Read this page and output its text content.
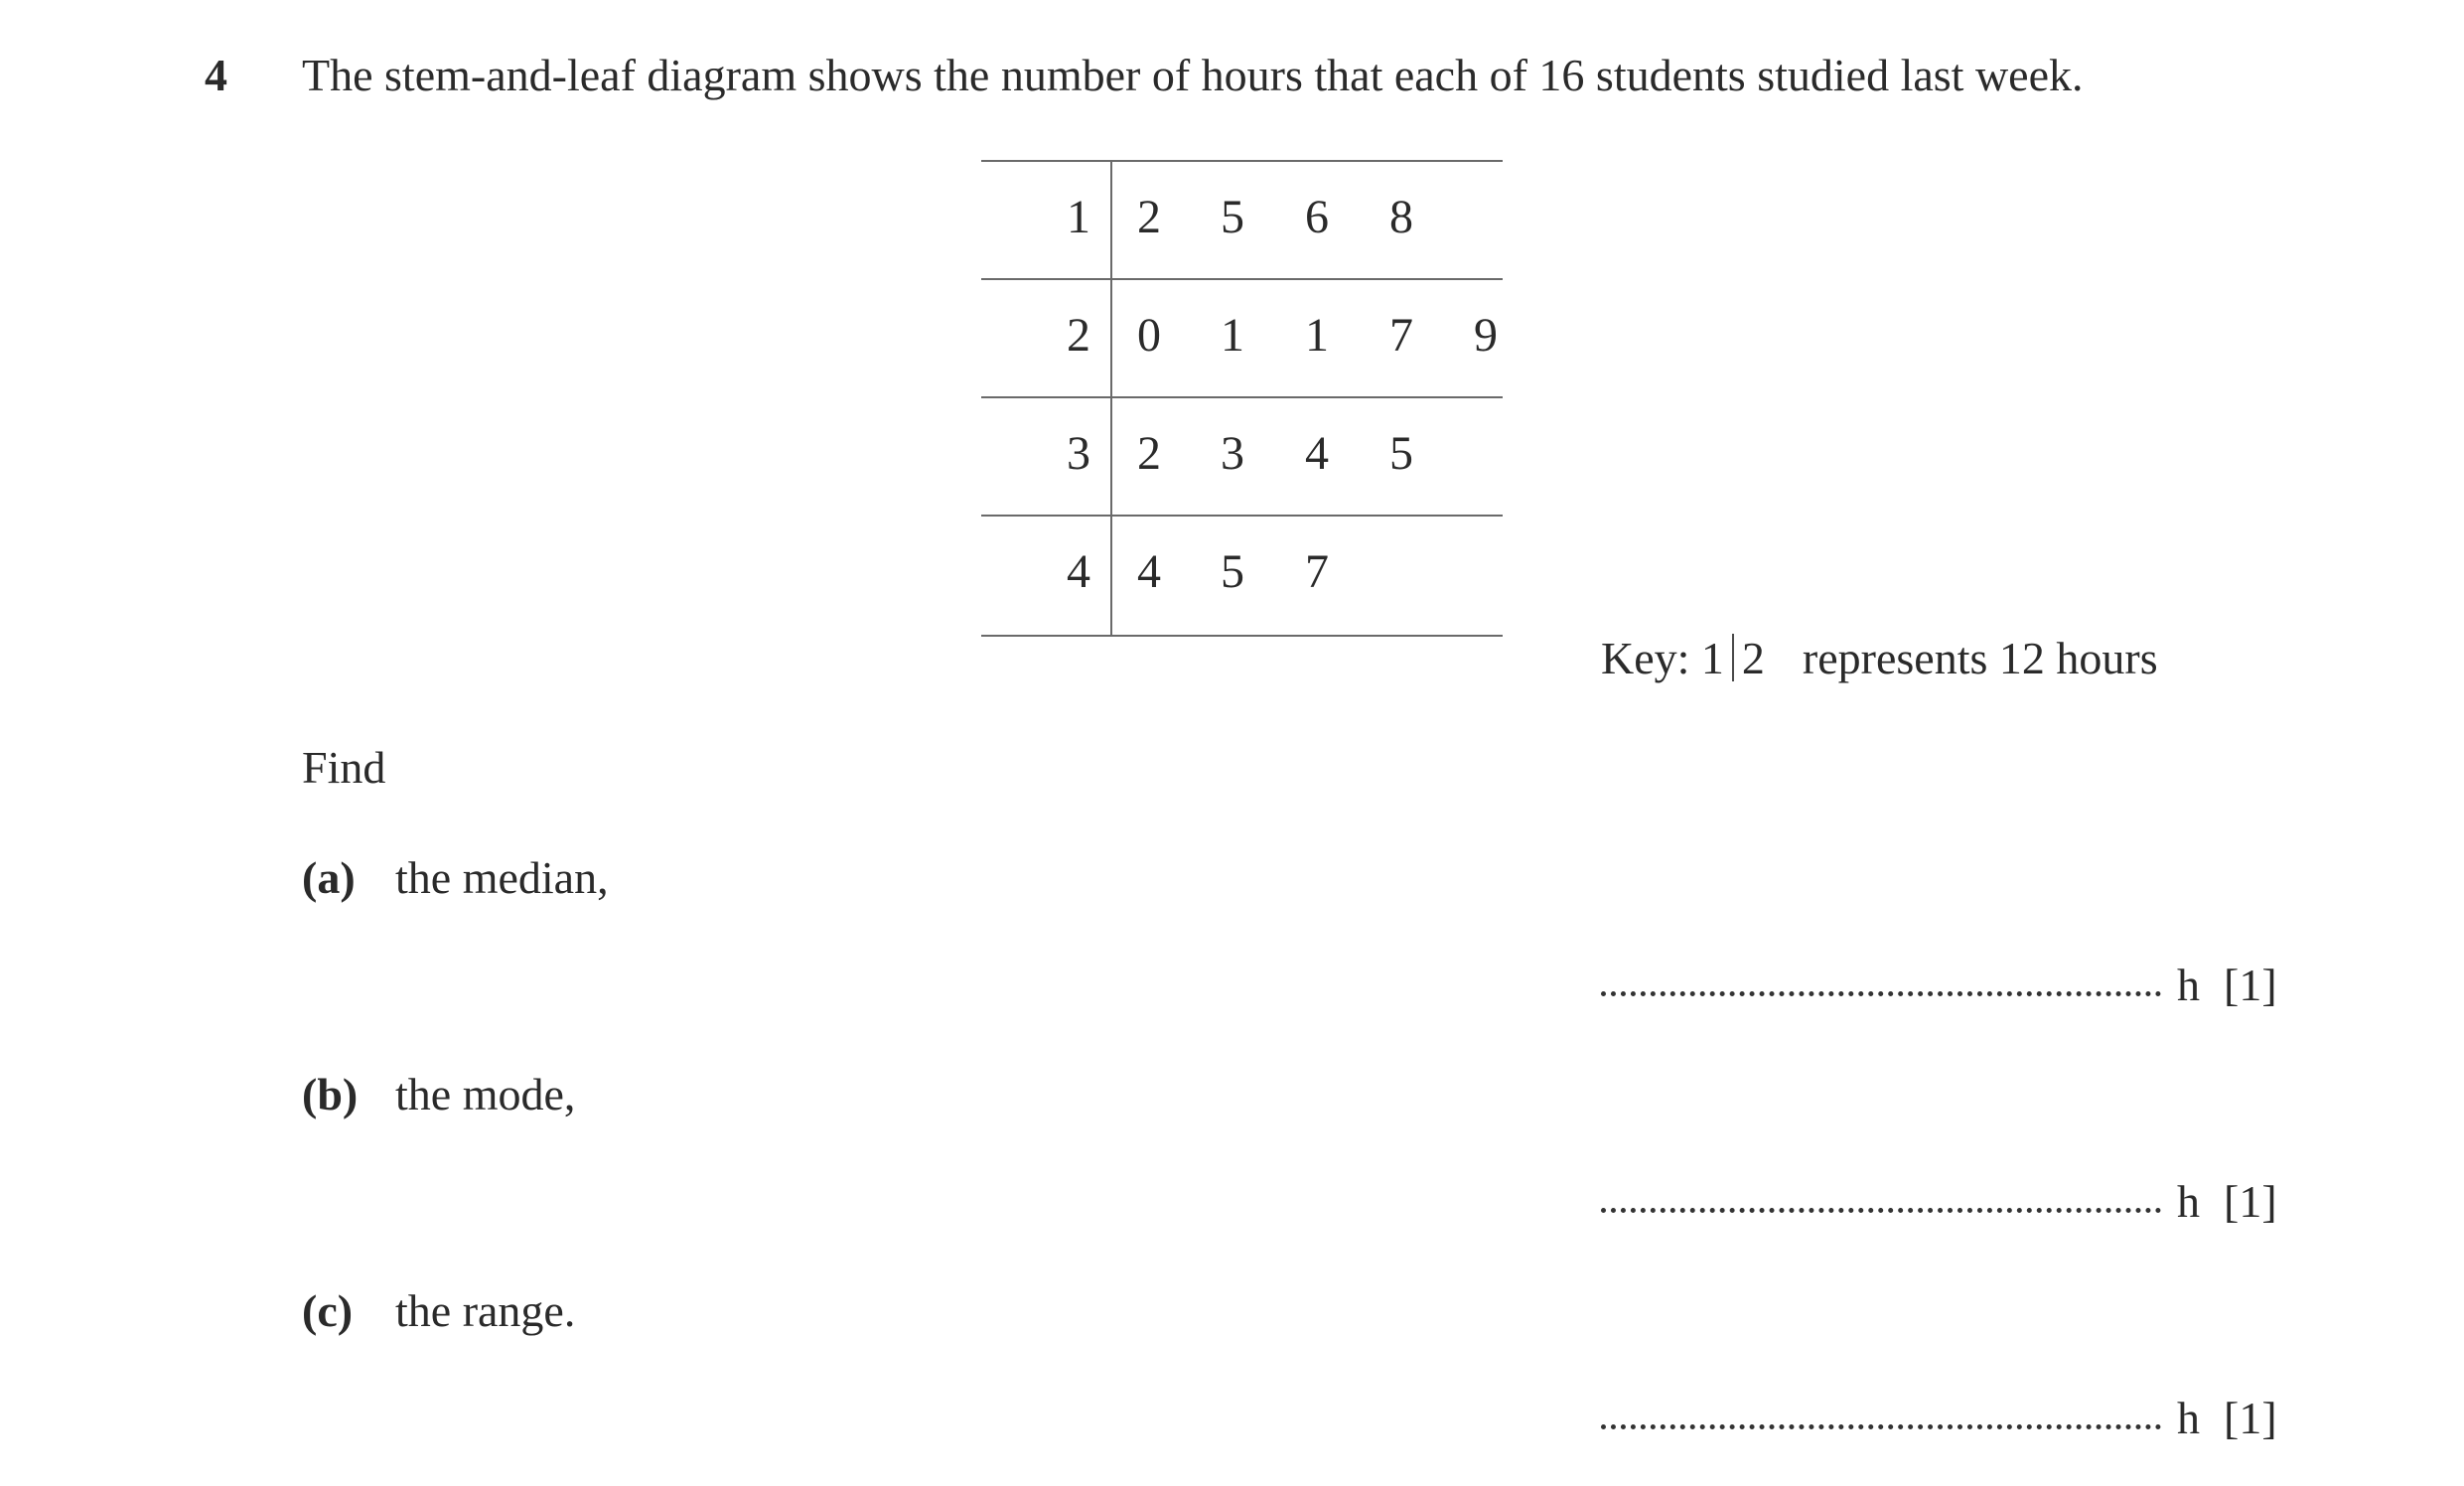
4 The stem-and-leaf diagram shows the number of hours that each of 16 students studied last week.
1 2 5 6 8
2 0 1 1 7 9
3 2 3 4 5
4 4 5 7
Key: 1 2 represents 12 hours
Find
(a) the median,
h [1]
(b) the mode,
h [1]
(c) the range.
h [1]
